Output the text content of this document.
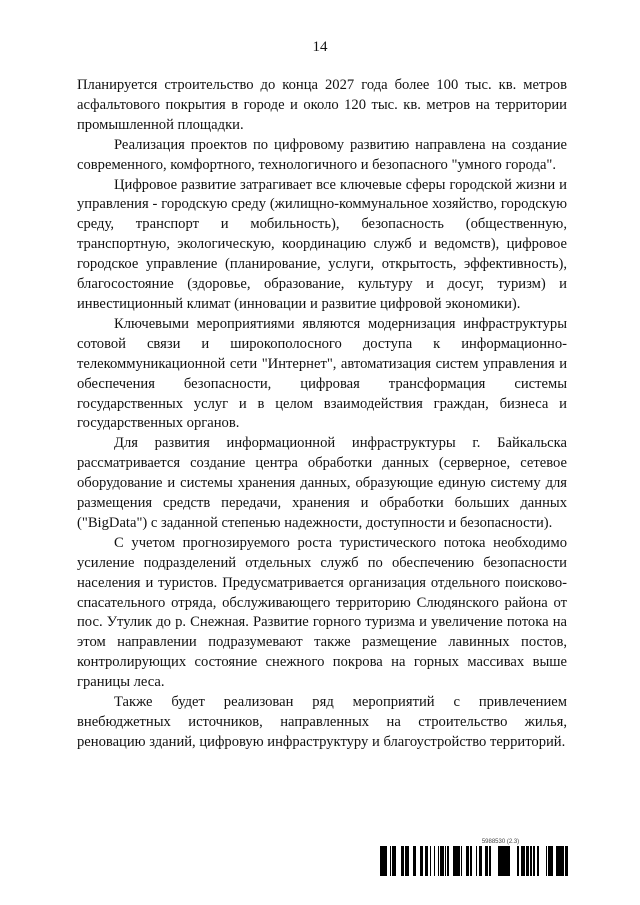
14

Планируется строительство до конца 2027 года более 100 тыс. кв. метров асфальтового покрытия в городе и около 120 тыс. кв. метров на территории промышленной площадки.

Реализация проектов по цифровому развитию направлена на создание современного, комфортного, технологичного и безопасного "умного города".

Цифровое развитие затрагивает все ключевые сферы городской жизни и управления - городскую среду (жилищно-коммунальное хозяйство, городскую среду, транспорт и мобильность), безопасность (общественную, транспортную, экологическую, координацию служб и ведомств), цифровое городское управление (планирование, услуги, открытость, эффективность), благосостояние (здоровье, образование, культуру и досуг, туризм) и инвестиционный климат (инновации и развитие цифровой экономики).

Ключевыми мероприятиями являются модернизация инфраструктуры сотовой связи и широкополосного доступа к информационно-телекоммуникационной сети "Интернет", автоматизация систем управления и обеспечения безопасности, цифровая трансформация системы государственных услуг и в целом взаимодействия граждан, бизнеса и государственных органов.

Для развития информационной инфраструктуры г. Байкальска рассматривается создание центра обработки данных (серверное, сетевое оборудование и системы хранения данных, образующие единую систему для размещения средств передачи, хранения и обработки больших данных ("BigData") с заданной степенью надежности, доступности и безопасности).

С учетом прогнозируемого роста туристического потока необходимо усиление подразделений отдельных служб по обеспечению безопасности населения и туристов. Предусматривается организация отдельного поисково-спасательного отряда, обслуживающего территорию Слюдянского района от пос. Утулик до р. Снежная. Развитие горного туризма и увеличение потока на этом направлении подразумевают также размещение лавинных постов, контролирующих состояние снежного покрова на горных массивах выше границы леса.

Также будет реализован ряд мероприятий с привлечением внебюджетных источников, направленных на строительство жилья, реновацию зданий, цифровую инфраструктуру и благоустройство территорий.

5988530 (2.3)
